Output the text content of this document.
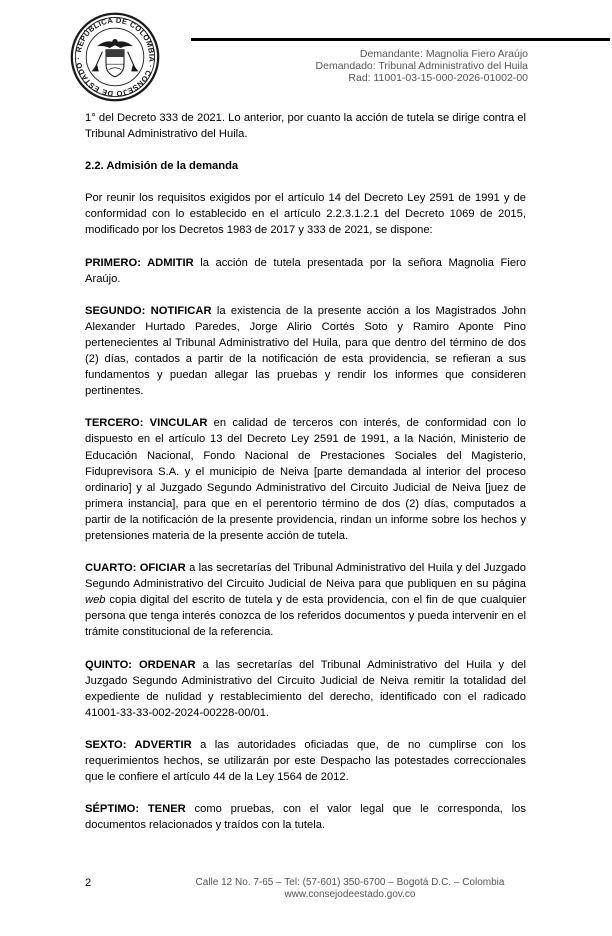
REPÚBLICA DE COLOMBIA · CONSEJO DE ESTADO ·	Demandante: Magnolia Fiero Araújo
Demandado: Tribunal Administrativo del Huila
Rad: 11001-03-15-000-2026-01002-00

1° del Decreto 333 de 2021. Lo anterior, por cuanto la acción de tutela se dirige contra el Tribunal Administrativo del Huila.

2.2. Admisión de la demanda

Por reunir los requisitos exigidos por el artículo 14 del Decreto Ley 2591 de 1991 y de conformidad con lo establecido en el artículo 2.2.3.1.2.1 del Decreto 1069 de 2015, modificado por los Decretos 1983 de 2017 y 333 de 2021, se dispone:

PRIMERO: ADMITIR la acción de tutela presentada por la señora Magnolia Fiero Araújo.

SEGUNDO: NOTIFICAR la existencia de la presente acción a los Magistrados John Alexander Hurtado Paredes, Jorge Alirio Cortés Soto y Ramiro Aponte Pino pertenecientes al Tribunal Administrativo del Huila, para que dentro del término de dos (2) días, contados a partir de la notificación de esta providencia, se refieran a sus fundamentos y puedan allegar las pruebas y rendir los informes que consideren pertinentes.

TERCERO: VINCULAR en calidad de terceros con interés, de conformidad con lo dispuesto en el artículo 13 del Decreto Ley 2591 de 1991, a la Nación, Ministerio de Educación Nacional, Fondo Nacional de Prestaciones Sociales del Magisterio, Fiduprevisora S.A. y el municipio de Neiva [parte demandada al interior del proceso ordinario] y al Juzgado Segundo Administrativo del Circuito Judicial de Neiva [juez de primera instancia], para que en el perentorio término de dos (2) días, computados a partir de la notificación de la presente providencia, rindan un informe sobre los hechos y pretensiones materia de la presente acción de tutela.

CUARTO: OFICIAR a las secretarías del Tribunal Administrativo del Huila y del Juzgado Segundo Administrativo del Circuito Judicial de Neiva para que publiquen en su página web copia digital del escrito de tutela y de esta providencia, con el fin de que cualquier persona que tenga interés conozca de los referidos documentos y pueda intervenir en el trámite constitucional de la referencia.

QUINTO: ORDENAR a las secretarías del Tribunal Administrativo del Huila y del Juzgado Segundo Administrativo del Circuito Judicial de Neiva remitir la totalidad del expediente de nulidad y restablecimiento del derecho, identificado con el radicado 41001-33-33-002-2024-00228-00/01.

SEXTO: ADVERTIR a las autoridades oficiadas que, de no cumplirse con los requerimientos hechos, se utilizarán por este Despacho las potestades correccionales que le confiere el artículo 44 de la Ley 1564 de 2012.

SÉPTIMO: TENER como pruebas, con el valor legal que le corresponda, los documentos relacionados y traídos con la tutela.

2	Calle 12 No. 7-65 – Tel: (57-601) 350-6700 – Bogotá D.C. – Colombia
www.consejodeestado.gov.co
